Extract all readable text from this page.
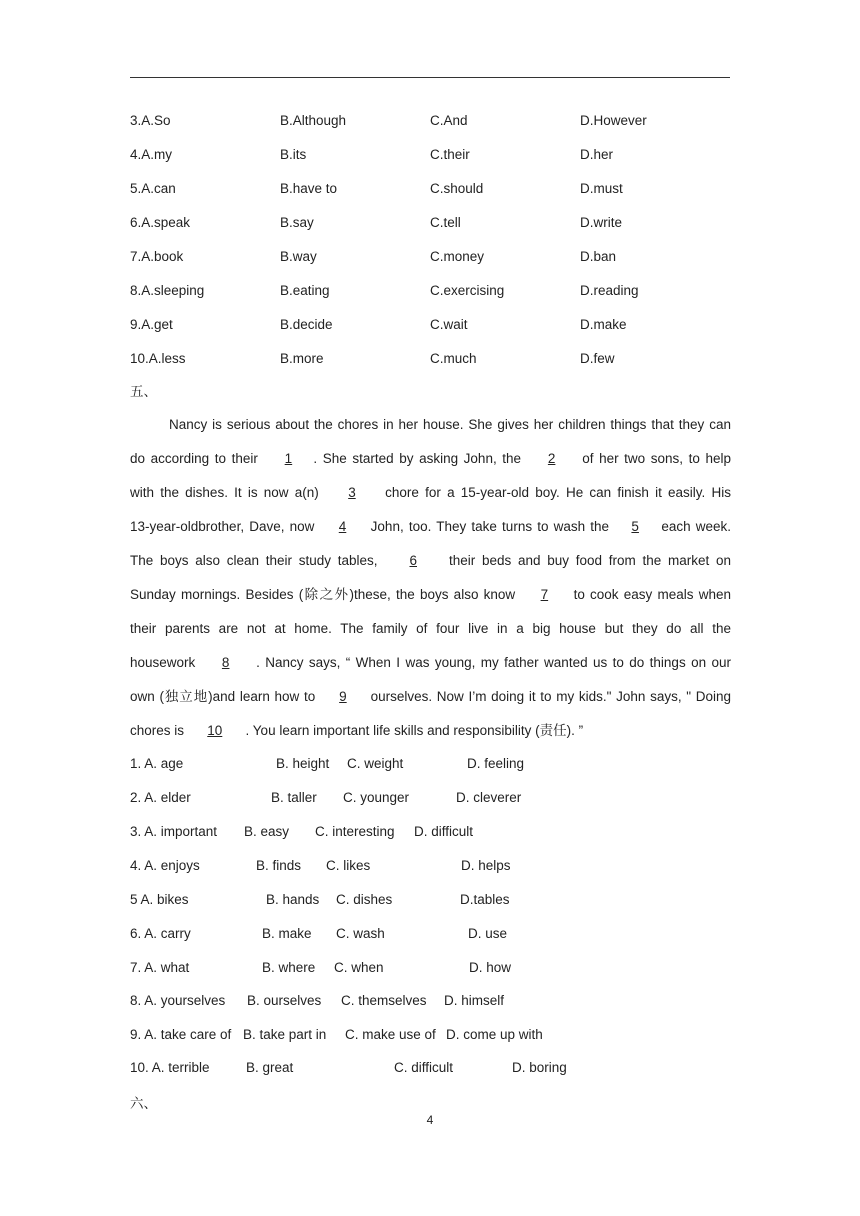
3.A.So	B.Although	C.And	D.However
4.A.my	B.its	C.their	D.her
5.A.can	B.have to	C.should	D.must
6.A.speak	B.say	C.tell	D.write
7.A.book	B.way	C.money	D.ban
8.A.sleeping	B.eating	C.exercising	D.reading
9.A.get	B.decide	C.wait	D.make
10.A.less	B.more	C.much	D.few
五、
Nancy is serious about the chores in her house. She gives her children things that they can
do according to their 1 . She started by asking John, the 2 of her two sons, to help
with the dishes. It is now a(n) 3 chore for a 15-year-old boy. He can finish it easily. His
13-year-oldbrother, Dave, now 4 John, too. They take turns to wash the 5 each week.
The boys also clean their study tables, 6 their beds and buy food from the market on
Sunday mornings. Besides (除之外)these, the boys also know 7 to cook easy meals when
their parents are not at home. The family of four live in a big house but they do all the
housework 8 . Nancy says, “ When I was young, my father wanted us to do things on our
own (独立地)and learn how to 9 ourselves. Now I’m doing it to my kids." John says, " Doing
chores is 10 . You learn important life skills and responsibility (责任). ”
1. A. age	B. height C. weight	D. feeling
2. A. elder	B. taller C. younger	D. cleverer
3. A. important B. easy C. interesting D. difficult
4. A. enjoys	B. finds C. likes	D. helps
5 A. bikes	B. hands C. dishes	D.tables
6. A. carry	B. make C. wash	D. use
7. A. what	B. where C. when	D. how
8. A. yourselves B. ourselves C. themselves D. himself
9. A. take care of B. take part in C. make use of D. come up with
10. A. terrible	B. great	C. difficult	D. boring
六、
4
